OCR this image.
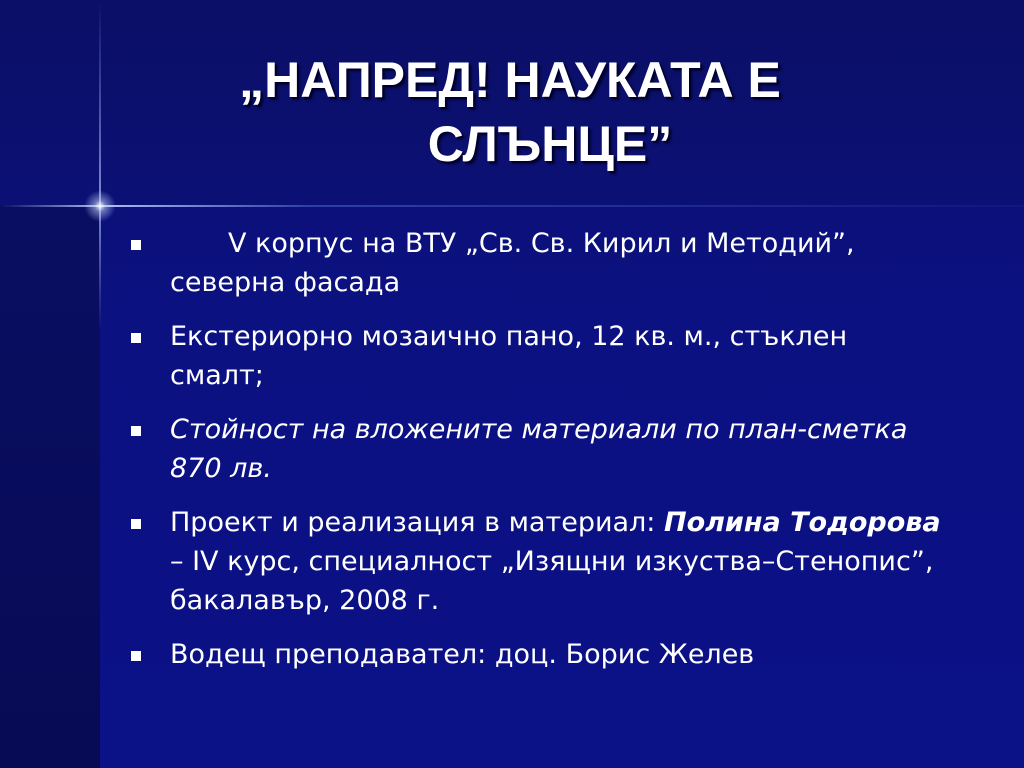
„НАПРЕД! НАУКАТА Е
СЛЪНЦЕ”
V корпус на ВТУ „Св. Св. Кирил и Методий”, северна фасада
Екстериорно мозаично пано, 12 кв. м., стъклен смалт;
Стойност на вложените материали по план-сметка 870 лв.
Проект и реализация в материал: Полина Тодорова – IV курс, специалност „Изящни изкуства–Стенопис”, бакалавър, 2008 г.
Водещ преподавател: доц. Борис Желев
